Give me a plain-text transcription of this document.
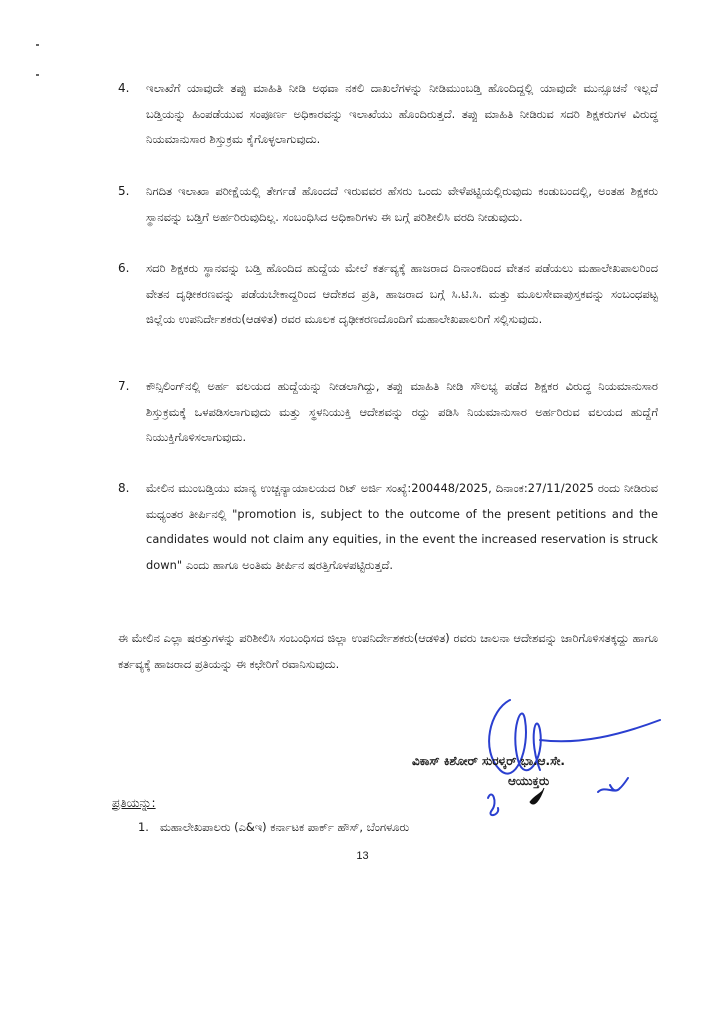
4. ಇಲಾಖೆಗೆ ಯಾವುದೇ ತಪ್ಪು ಮಾಹಿತಿ ನೀಡಿ ಅಥವಾ ನಕಲಿ ದಾಖಲೆಗಳನ್ನು ನೀಡಿಮುಂಬಡ್ತಿ ಹೊಂದಿದ್ದಲ್ಲಿ ಯಾವುದೇ ಮುನ್ಸೂಚನೆ ಇಲ್ಲದೆ ಬಡ್ತಿಯನ್ನು ಹಿಂಪಡೆಯುವ ಸಂಪೂರ್ಣ ಅಧಿಕಾರವನ್ನು ಇಲಾಖೆಯು ಹೊಂದಿರುತ್ತದೆ. ತಪ್ಪು ಮಾಹಿತಿ ನೀಡಿರುವ ಸದರಿ ಶಿಕ್ಷಕರುಗಳ ವಿರುದ್ಧ ನಿಯಮಾನುಸಾರ ಶಿಸ್ತುಕ್ರಮ ಕೈಗೊಳ್ಳಲಾಗುವುದು.
5. ನಿಗದಿತ ಇಲಾಖಾ ಪರೀಕ್ಷೆಯಲ್ಲಿ ತೇರ್ಗಡೆ ಹೊಂದದೆ ಇರುವವರ ಹೆಸರು ಒಂದು ವೇಳೆಪಟ್ಟಿಯಲ್ಲಿರುವುದು ಕಂಡುಬಂದಲ್ಲಿ, ಅಂತಹ ಶಿಕ್ಷಕರು ಸ್ಥಾನವನ್ನು ಬಡ್ತಿಗೆ ಅರ್ಹರಿರುವುದಿಲ್ಲ. ಸಂಬಂಧಿಸಿದ ಅಧಿಕಾರಿಗಳು ಈ ಬಗ್ಗೆ ಪರಿಶೀಲಿಸಿ ವರದಿ ನೀಡುವುದು.
6. ಸದರಿ ಶಿಕ್ಷಕರು ಸ್ಥಾನವನ್ನು ಬಡ್ತಿ ಹೊಂದಿದ ಹುದ್ದೆಯ ಮೇಲೆ ಕರ್ತವ್ಯಕ್ಕೆ ಹಾಜರಾದ ದಿನಾಂಕದಿಂದ ವೇತನ ಪಡೆಯಲು ಮಹಾಲೇಖಪಾಲರಿಂದ ವೇತನ ದೃಢೀಕರಣವನ್ನು ಪಡೆಯಬೇಕಾದ್ದರಿಂದ ಆದೇಶದ ಪ್ರತಿ, ಹಾಜರಾದ ಬಗ್ಗೆ ಸಿ.ಟಿ.ಸಿ. ಮತ್ತು ಮೂಲಸೇವಾಪುಸ್ತಕವನ್ನು ಸಂಬಂಧಪಟ್ಟ ಜಿಲ್ಲೆಯ ಉಪನಿರ್ದೇಶಕರು(ಆಡಳಿತ) ರವರ ಮೂಲಕ ದೃಢೀಕರಣದೊಂದಿಗೆ ಮಹಾಲೇಖಪಾಲರಿಗೆ ಸಲ್ಲಿಸುವುದು.
7. ಕೌನ್ಸಿಲಿಂಗ್‌ನಲ್ಲಿ ಅರ್ಹ ವಲಯದ ಹುದ್ದೆಯನ್ನು ನೀಡಲಾಗಿದ್ದು, ತಪ್ಪು ಮಾಹಿತಿ ನೀಡಿ ಸೌಲಭ್ಯ ಪಡೆದ ಶಿಕ್ಷಕರ ವಿರುದ್ಧ ನಿಯಮಾನುಸಾರ ಶಿಸ್ತುಕ್ರಮಕ್ಕೆ ಒಳಪಡಿಸಲಾಗುವುದು ಮತ್ತು ಸ್ಥಳನಿಯುಕ್ತಿ ಆದೇಶವನ್ನು ರದ್ದು ಪಡಿಸಿ ನಿಯಮಾನುಸಾರ ಅರ್ಹರಿರುವ ವಲಯದ ಹುದ್ದೆಗೆ ನಿಯುಕ್ತಿಗೊಳಿಸಲಾಗುವುದು.
8. ಮೇಲಿನ ಮುಂಬಡ್ತಿಯು ಮಾನ್ಯ ಉಚ್ಚನ್ಯಾಯಾಲಯದ ರಿಟ್ ಅರ್ಜಿ ಸಂಖ್ಯೆ:200448/2025, ದಿನಾಂಕ:27/11/2025 ರಂದು ನೀಡಿರುವ ಮಧ್ಯಂತರ ತೀರ್ಪಿನಲ್ಲಿ "promotion is, subject to the outcome of the present petitions and the candidates would not claim any equities, in the event the increased reservation is struck down" ಎಂದು ಹಾಗೂ ಅಂತಿಮ ತೀರ್ಪಿನ ಷರತ್ತಿಗೊಳಪಟ್ಟಿರುತ್ತದೆ.
ಈ ಮೇಲಿನ ಎಲ್ಲಾ ಷರತ್ತುಗಳನ್ನು ಪರಿಶೀಲಿಸಿ ಸಂಬಂಧಿಸದ ಜಿಲ್ಲಾ ಉಪನಿರ್ದೇಶಕರು(ಆಡಳಿತ) ರವರು ಚಾಲನಾ ಆದೇಶವನ್ನು ಜಾರಿಗೊಳಿಸತಕ್ಕದ್ದು ಹಾಗೂ ಕರ್ತವ್ಯಕ್ಕೆ ಹಾಜರಾದ ಪ್ರತಿಯನ್ನು ಈ ಕಛೇರಿಗೆ ರವಾನಿಸುವುದು.
ವಿಕಾಸ್ ಕಿಶೋರ್ ಸುರಳ್ಕರ್ ಭಾ.ಆ.ಸೇ.
ಆಯುಕ್ತರು
ಪ್ರತಿಯನ್ನು:
1. ಮಹಾಲೇಖಪಾಲರು (ಎ&ಇ) ಕರ್ನಾಟಕ ಪಾರ್ಕ್ ಹೌಸ್, ಬೆಂಗಳೂರು
13
